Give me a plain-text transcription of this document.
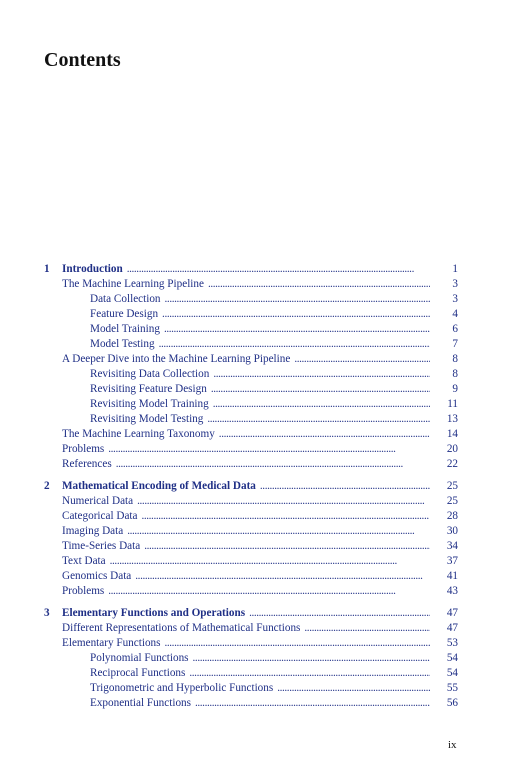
Contents
1 Introduction . . .	1
The Machine Learning Pipeline . . .	3
Data Collection . . .	3
Feature Design . . .	4
Model Training . . .	6
Model Testing . . .	7
A Deeper Dive into the Machine Learning Pipeline . . .	8
Revisiting Data Collection . . .	8
Revisiting Feature Design . . .	9
Revisiting Model Training . . .	11
Revisiting Model Testing . . .	13
The Machine Learning Taxonomy . . .	14
Problems . . .	20
References . . .	22
2 Mathematical Encoding of Medical Data . . .	25
Numerical Data . . .	25
Categorical Data . . .	28
Imaging Data . . .	30
Time-Series Data . . .	34
Text Data . . .	37
Genomics Data . . .	41
Problems . . .	43
3 Elementary Functions and Operations . . .	47
Different Representations of Mathematical Functions . . .	47
Elementary Functions . . .	53
Polynomial Functions . . .	54
Reciprocal Functions . . .	54
Trigonometric and Hyperbolic Functions . . .	55
Exponential Functions . . .	56
ix
